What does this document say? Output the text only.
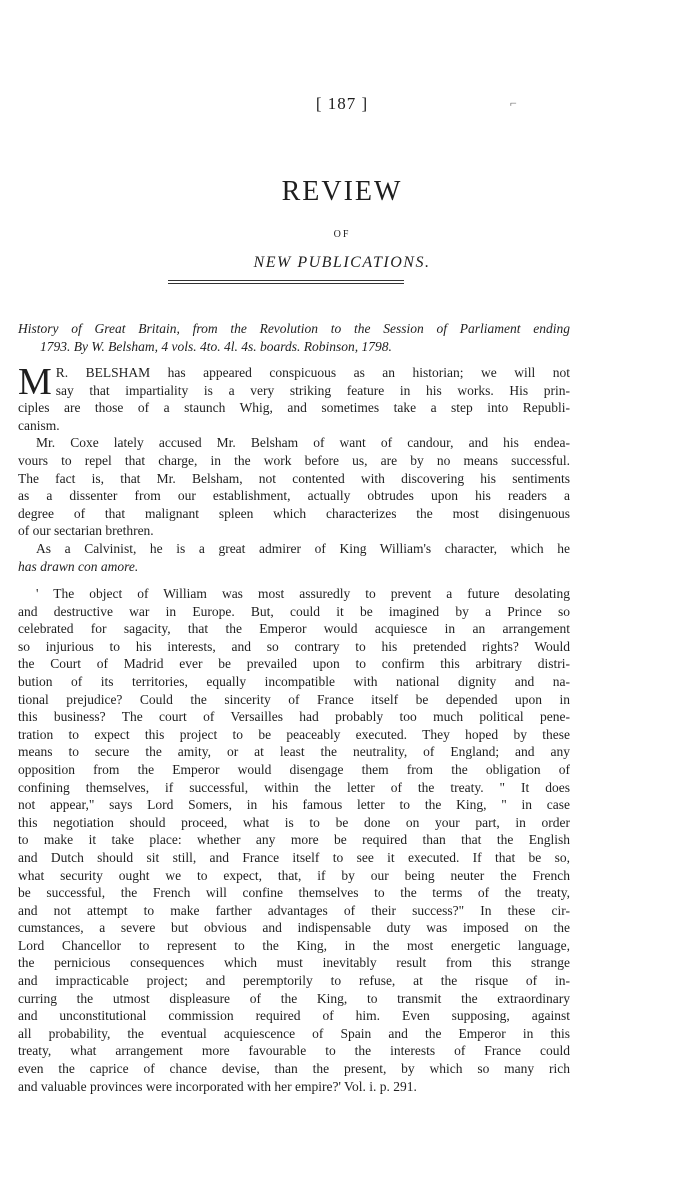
[ 187 ]	⌐
REVIEW
OF
NEW PUBLICATIONS.
History of Great Britain, from the Revolution to the Session of Parliament ending
1793. By W. Belsham, 4 vols. 4to. 4l. 4s. boards. Robinson, 1798.

M R. BELSHAM has appeared conspicuous as an historian; we will not
say that impartiality is a very striking feature in his works. His prin-
ciples are those of a staunch Whig, and sometimes take a step into Republi-
canism.

Mr. Coxe lately accused Mr. Belsham of want of candour, and his endea-
vours to repel that charge, in the work before us, are by no means successful.
The fact is, that Mr. Belsham, not contented with discovering his sentiments
as a dissenter from our establishment, actually obtrudes upon his readers a
degree of that malignant spleen which characterizes the most disingenuous
of our sectarian brethren.

As a Calvinist, he is a great admirer of King William's character, which he
has drawn con amore.

' The object of William was most assuredly to prevent a future desolating
and destructive war in Europe. But, could it be imagined by a Prince so
celebrated for sagacity, that the Emperor would acquiesce in an arrangement
so injurious to his interests, and so contrary to his pretended rights? Would
the Court of Madrid ever be prevailed upon to confirm this arbitrary distri-
bution of its territories, equally incompatible with national dignity and na-
tional prejudice? Could the sincerity of France itself be depended upon in
this business? The court of Versailles had probably too much political pene-
tration to expect this project to be peaceably executed. They hoped by these
means to secure the amity, or at least the neutrality, of England; and any
opposition from the Emperor would disengage them from the obligation of
confining themselves, if successful, within the letter of the treaty. " It does
not appear," says Lord Somers, in his famous letter to the King, " in case
this negotiation should proceed, what is to be done on your part, in order
to make it take place: whether any more be required than that the English
and Dutch should sit still, and France itself to see it executed. If that be so,
what security ought we to expect, that, if by our being neuter the French
be successful, the French will confine themselves to the terms of the treaty,
and not attempt to make farther advantages of their success?" In these cir-
cumstances, a severe but obvious and indispensable duty was imposed on the
Lord Chancellor to represent to the King, in the most energetic language,
the pernicious consequences which must inevitably result from this strange
and impracticable project; and peremptorily to refuse, at the risque of in-
curring the utmost displeasure of the King, to transmit the extraordinary
and unconstitutional commission required of him. Even supposing, against
all probability, the eventual acquiescence of Spain and the Emperor in this
treaty, what arrangement more favourable to the interests of France could
even the caprice of chance devise, than the present, by which so many rich
and valuable provinces were incorporated with her empire?' Vol. i. p. 291.
